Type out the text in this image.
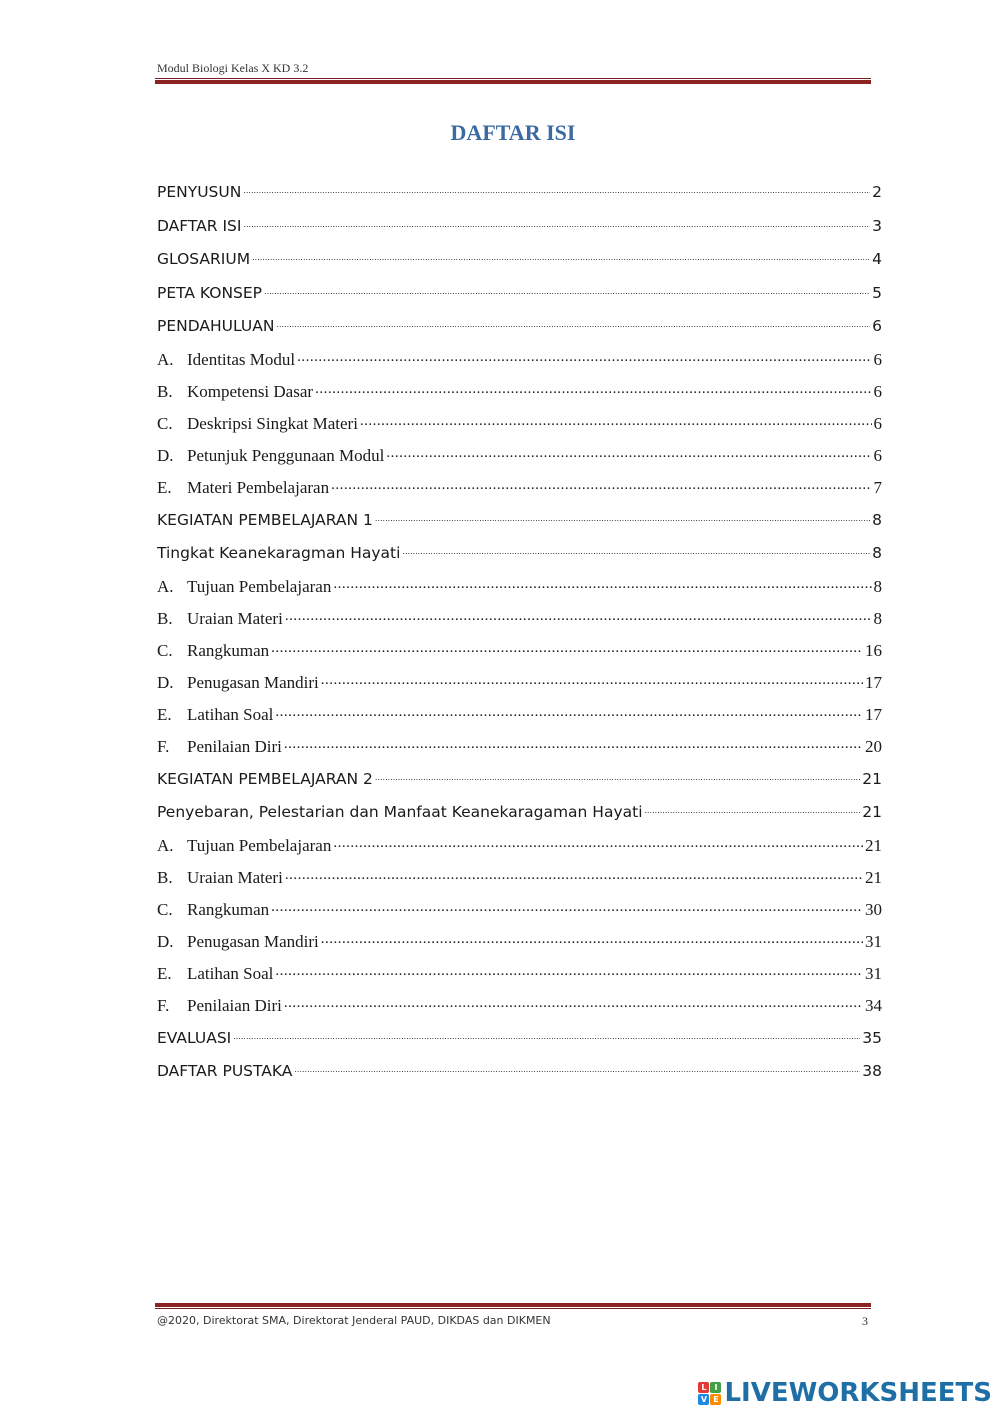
Modul Biologi Kelas X KD 3.2
DAFTAR ISI
PENYUSUN .....	2
DAFTAR ISI .....	3
GLOSARIUM .....	4
PETA KONSEP .....	5
PENDAHULUAN .....	6
A. Identitas Modul .....	6
B. Kompetensi Dasar .....	6
C. Deskripsi Singkat Materi .....	6
D. Petunjuk Penggunaan Modul .....	6
E. Materi Pembelajaran .....	7
KEGIATAN PEMBELAJARAN 1 .....	8
Tingkat Keanekaragman Hayati .....	8
A. Tujuan Pembelajaran .....	8
B. Uraian Materi .....	8
C. Rangkuman .....	16
D. Penugasan Mandiri .....	17
E. Latihan Soal .....	17
F.	Penilaian Diri .....	20
KEGIATAN PEMBELAJARAN 2 .....	21
Penyebaran, Pelestarian dan Manfaat Keanekaragaman Hayati .....	21
A. Tujuan Pembelajaran .....	21
B. Uraian Materi .....	21
C. Rangkuman .....	30
D. Penugasan Mandiri .....	31
E. Latihan Soal .....	31
F.	Penilaian Diri .....	34
EVALUASI .....	35
DAFTAR PUSTAKA .....	38
@2020, Direktorat SMA, Direktorat Jenderal PAUD, DIKDAS dan DIKMEN	3
L I
V E LIVEWORKSHEETS
